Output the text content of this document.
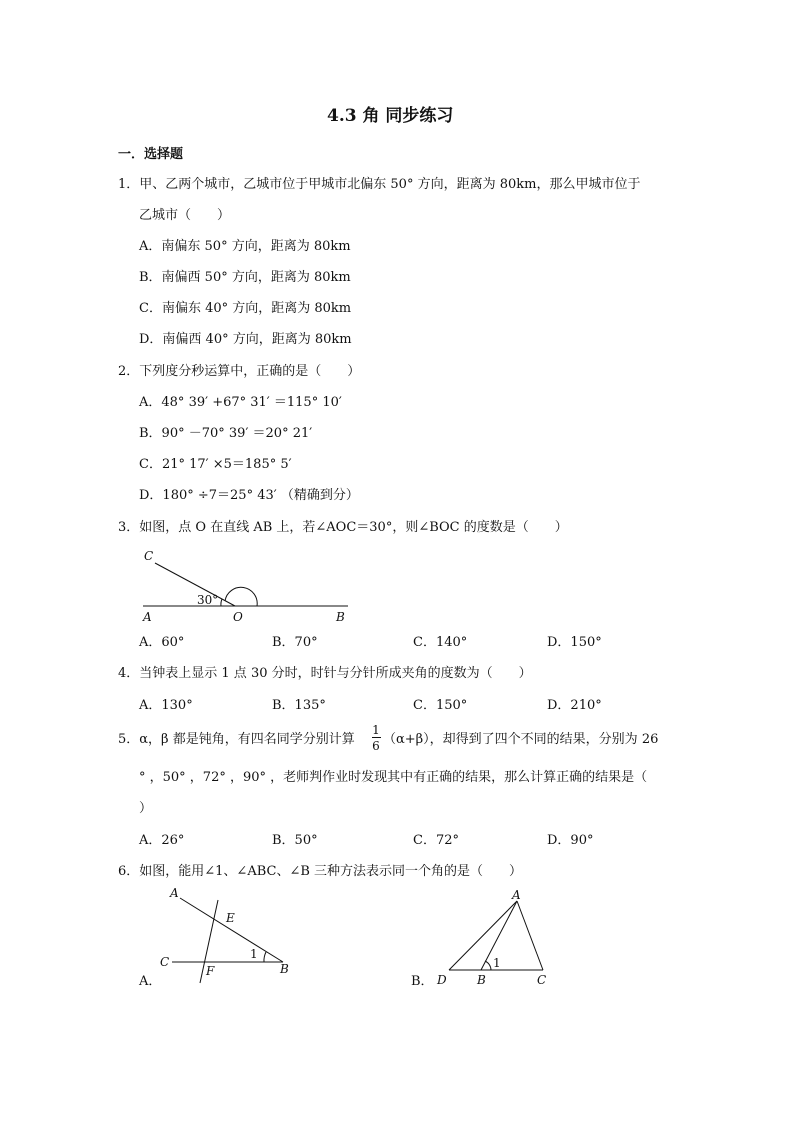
4.3 角 同步练习
一．选择题
1．甲、乙两个城市，乙城市位于甲城市北偏东 50° 方向，距离为 80km，那么甲城市位于
乙城市（　　）
A．南偏东 50° 方向，距离为 80km
B．南偏西 50° 方向，距离为 80km
C．南偏东 40° 方向，距离为 80km
D．南偏西 40° 方向，距离为 80km
2．下列度分秒运算中，正确的是（　　）
A．48° 39′ +67° 31′ ＝115° 10′
B．90° －70° 39′ ＝20° 21′
C．21° 17′ ×5＝185° 5′
D．180° ÷7＝25° 43′ （精确到分）
3．如图，点 O 在直线 AB 上，若∠AOC＝30°，则∠BOC 的度数是（　　）
C
30°
A	O	B
A．60°	B．70°	C．140°	D．150°
4．当钟表上显示 1 点 30 分时，时针与分针所成夹角的度数为（　　）
A．130°	B．135°	C．150°	D．210°
5．α，β 都是钝角，有四名同学分别计算
1
6 （α+β），却得到了四个不同的结果，分别为 26
° ，50° ，72° ，90° ，老师判作业时发现其中有正确的结果，那么计算正确的结果是（
）
A．26°	B．50°	C．72°	D．90°
6．如图，能用∠1、∠ABC、∠B 三种方法表示同一个角的是（　　）
A
E
C
1
F	B
A．
A
1
D	B	C
B．
